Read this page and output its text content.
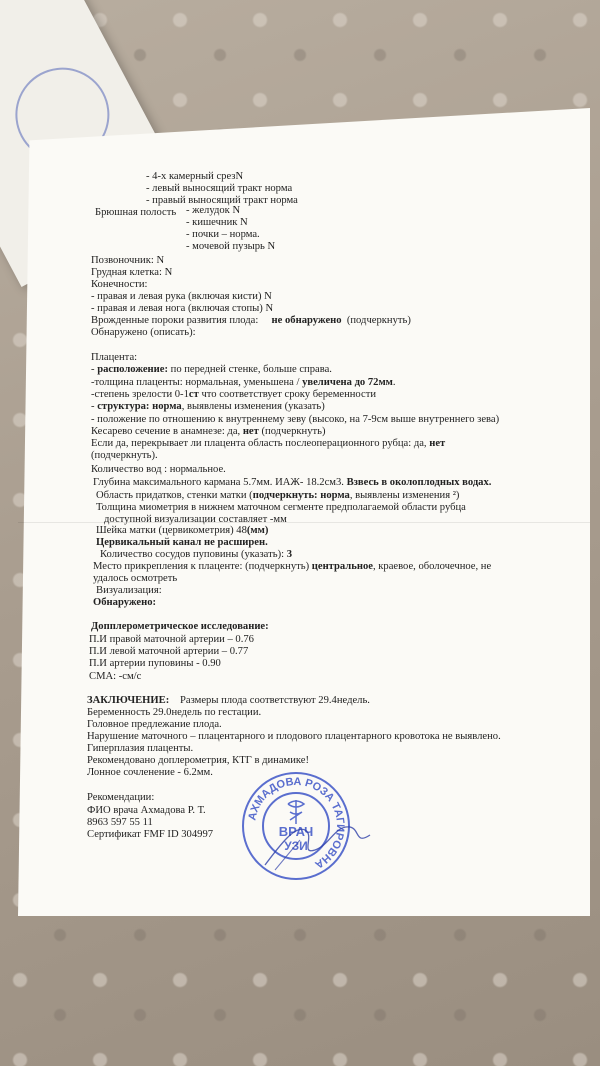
- 4-х камерный срезN
- левый выносящий тракт норма
- правый выносящий тракт норма
Брюшная полость - желудок N
- кишечник N
- почки – норма.
- мочевой пузырь N
Позвоночник: N
Грудная клетка: N
Конечности:
- правая и левая рука (включая кисти) N
- правая и левая нога (включая стопы) N
Врожденные пороки развития плода: не обнаружено (подчеркнуть)
Обнаружено (описать):
Плацента:
- расположение: по передней стенке, больше справа.
-толщина плаценты: нормальная, уменьшена / увеличена до 72мм.
-степень зрелости 0-1ст что соответствует сроку беременности
- структура: норма, выявлены изменения (указать)
- положение по отношению к внутреннему зеву (высоко, на 7-9см выше внутреннего зева)
Кесарево сечение в анамнезе: да, нет (подчеркнуть)
Если да, перекрывает ли плацента область послеоперационного рубца: да, нет
(подчеркнуть).
Количество вод : нормальное.
Глубина максимального кармана 5.7мм. ИАЖ- 18.2см3. Взвесь в околоплодных водах.
Область придатков, стенки матки (подчеркнуть: норма, выявлены изменения ²)
Толщина миометрия в нижнем маточном сегменте предполагаемой области рубца
доступной визуализации составляет -мм
Шейка матки (цервикометрия) 48(мм)
Цервикальный канал не расширен.
Количество сосудов пуповины (указать): 3
Место прикрепления к плаценте: (подчеркнуть) центральное, краевое, оболочечное, не
удалось осмотреть
Визуализация:
Обнаружено:
Допплерометрическое исследование:
П.И правой маточной артерии – 0.76
П.И левой маточной артерии – 0.77
П.И артерии пуповины - 0.90
СМА: -см/с
ЗАКЛЮЧЕНИЕ: Размеры плода соответствуют 29.4недель.
Беременность 29.0недель по гестации.
Головное предлежание плода.
Нарушение маточного – плацентарного и плодового плацентарного кровотока не выявлено.
Гиперплазия плаценты.
Рекомендовано доплерометрия, КТГ в динамике!
Лонное сочленение - 6.2мм.
Рекомендации:
ФИО врача Ахмадова Р. Т.
8963 597 55 11
Сертификат FMF ID 304997
АХМАДОВА РОЗА ТАГИРОВНА
ВРАЧ
УЗИ
